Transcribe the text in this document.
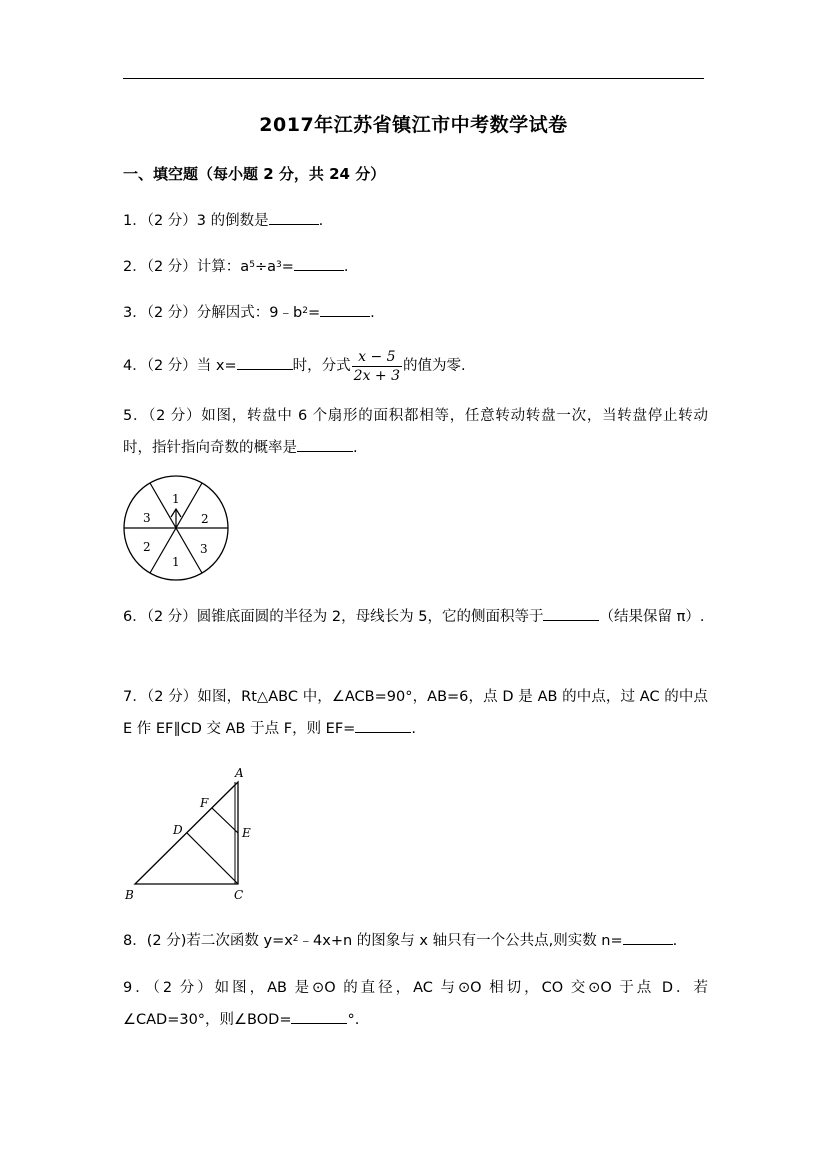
2017年江苏省镇江市中考数学试卷
一、填空题（每小题 2 分，共 24 分）
1．（2 分）3 的倒数是	.
2．（2 分）计算：$a^5\div a^3=$	.
3．（2 分）分解因式：$9﹣b^2=$	.
4．（2 分）当 x=	时，分式 $\frac{x - 5}{2x + 3}$ 的值为零.
5．（2 分）如图，转盘中 6 个扇形的面积都相等，任意转动转盘一次，当转盘停止转动时，指针指向奇数的概率是	.
1
2
3
1
2
3
6．（2 分）圆锥底面圆的半径为 2，母线长为 5，它的侧面积等于	（结果保留 π）.
7．（2 分）如图，Rt△ABC 中，∠ACB=90°，AB=6，点 D 是 AB 的中点，过 AC 的中点 E 作 EF∥CD 交 AB 于点 F，则 EF=	.
A
B	C
D	E
F
8．(2 分)若二次函数 $y=x^2﹣4x+n$ 的图象与 x 轴只有一个公共点,则实数 n=	.
9．（2 分）如图，AB 是⊙O 的直径，AC 与⊙O 相切，CO 交⊙O 于点 D．若∠CAD=30°，则∠BOD=	°.
